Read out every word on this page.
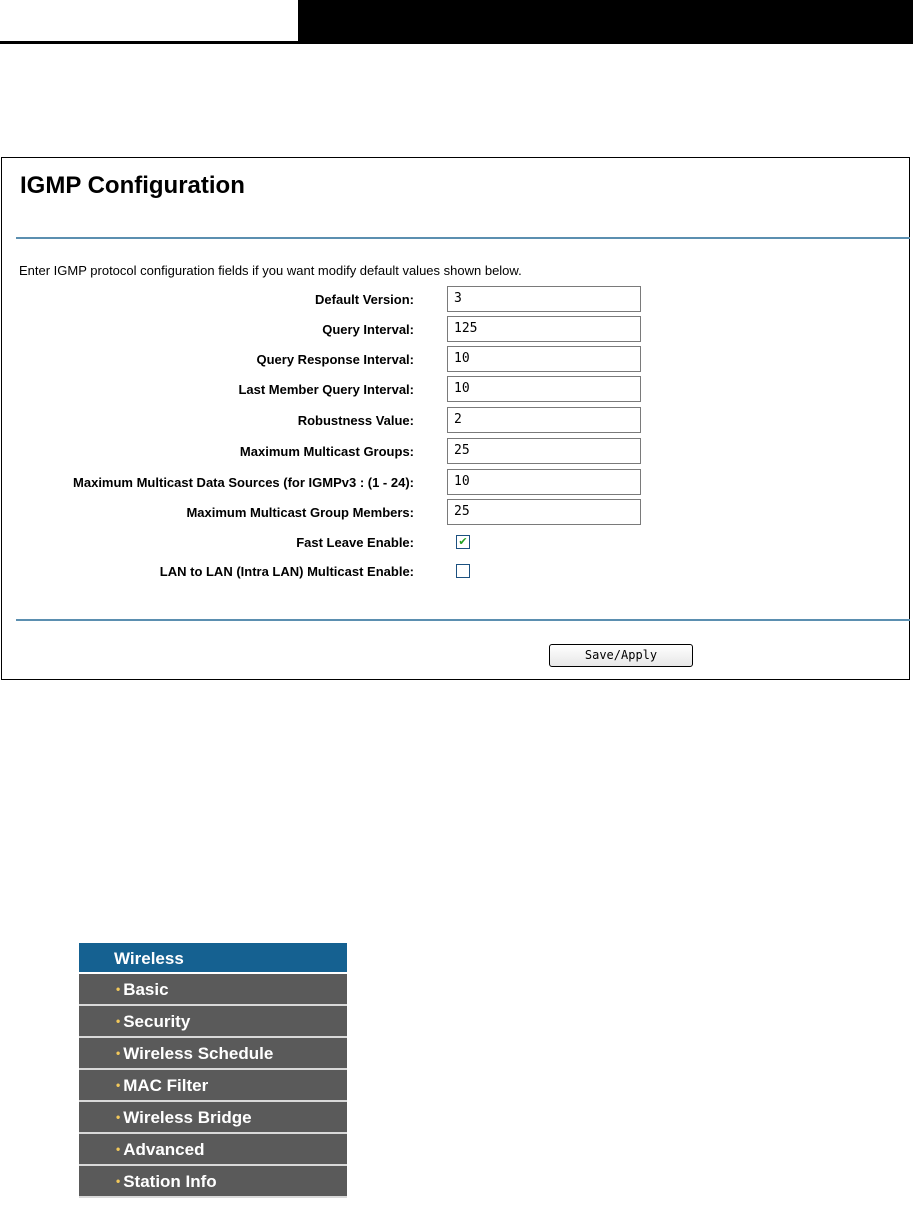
IGMP Configuration
Enter IGMP protocol configuration fields if you want modify default values shown below.
Default Version:	3
Query Interval:	125
Query Response Interval:	10
Last Member Query Interval:	10
Robustness Value:	2
Maximum Multicast Groups:	25
Maximum Multicast Data Sources (for IGMPv3 : (1 - 24):	10
Maximum Multicast Group Members:	25
Fast Leave Enable:	✔
LAN to LAN (Intra LAN) Multicast Enable:
Save/Apply
Wireless
• Basic
• Security
• Wireless Schedule
• MAC Filter
• Wireless Bridge
• Advanced
• Station Info
